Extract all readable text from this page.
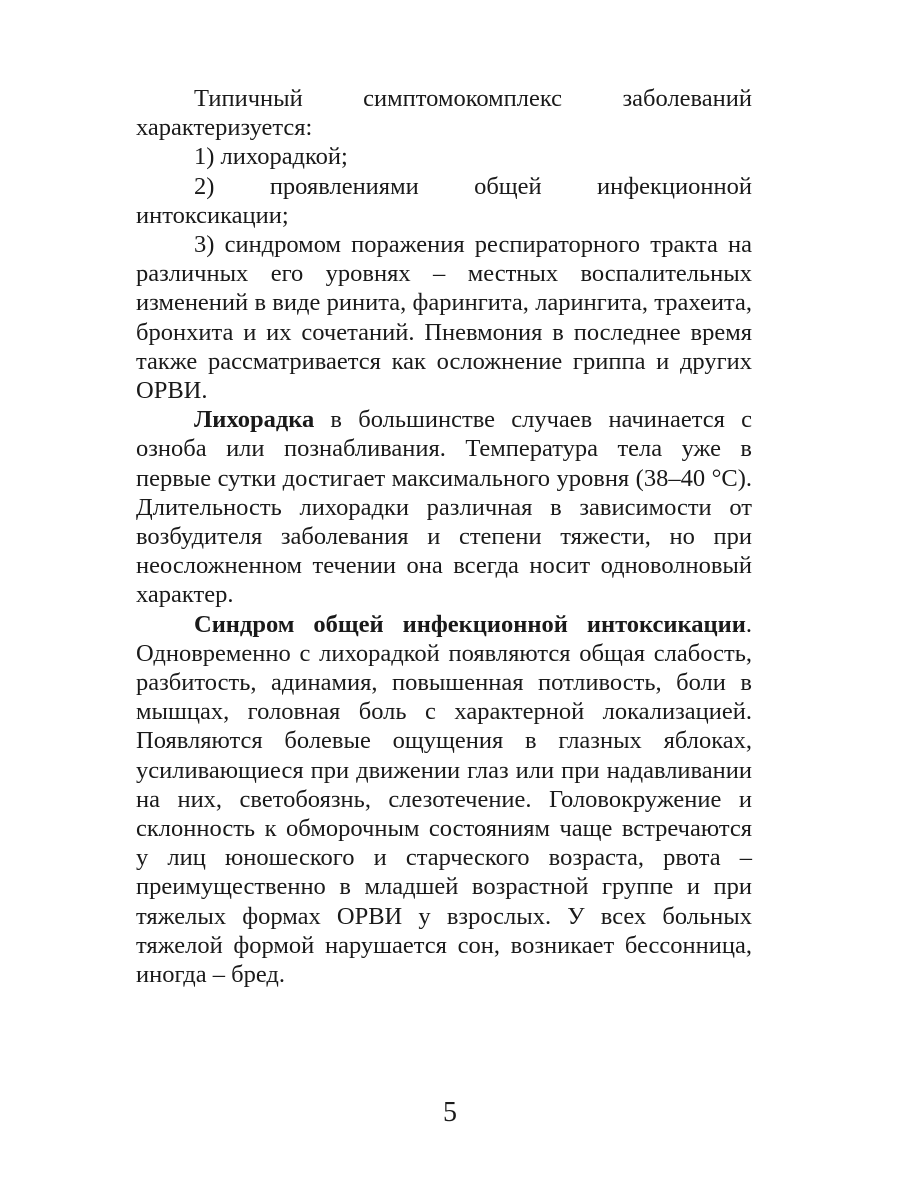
Типичный симптомокомплекс заболеваний характеризуется:

1) лихорадкой;

2) проявлениями общей инфекционной интоксикации;

3) синдромом поражения респираторного тракта на различных его уровнях – местных воспалительных изменений в виде ринита, фарингита, ларингита, трахеита, бронхита и их сочетаний. Пневмония в последнее время также рассматривается как осложнение гриппа и других ОРВИ.

Лихорадка в большинстве случаев начинается с озноба или познабливания. Температура тела уже в первые сутки достигает максимального уровня (38–40 °C). Длительность лихорадки различная в зависимости от возбудителя заболевания и степени тяжести, но при неосложненном течении она всегда носит одноволновый характер.

Синдром общей инфекционной интоксикации. Одновременно с лихорадкой появляются общая слабость, разбитость, адинамия, повышенная потливость, боли в мышцах, головная боль с характерной локализацией. Появляются болевые ощущения в глазных яблоках, усиливающиеся при движении глаз или при надавливании на них, светобоязнь, слезотечение. Головокружение и склонность к обморочным состояниям чаще встречаются у лиц юношеского и старческого возраста, рвота – преимущественно в младшей возрастной группе и при тяжелых формах ОРВИ у взрослых. У всех больных тяжелой формой нарушается сон, возникает бессонница, иногда – бред.

5
